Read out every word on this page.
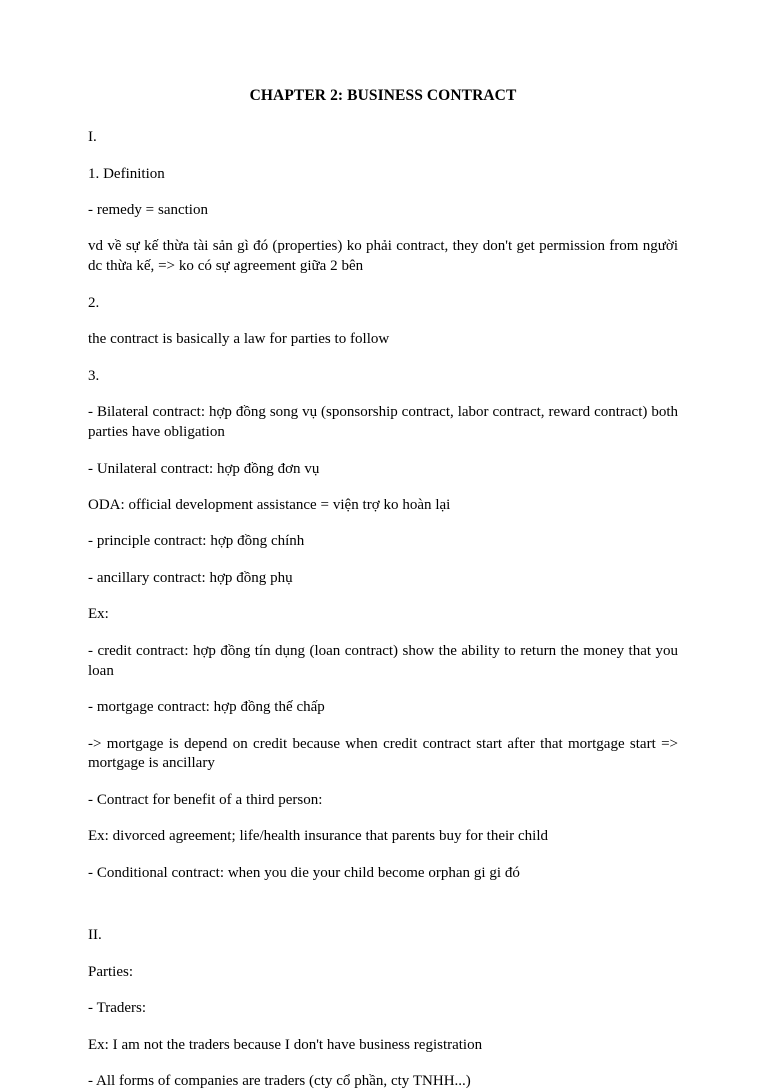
CHAPTER 2: BUSINESS CONTRACT

I.

1. Definition

- remedy = sanction

vd về sự kế thừa tài sản gì đó (properties) ko phải contract, they don't get permission from người dc thừa kế, => ko có sự agreement giữa 2 bên

2.

the contract is basically a law for parties to follow

3.

- Bilateral contract: hợp đồng song vụ (sponsorship contract, labor contract, reward contract) both parties have obligation

- Unilateral contract: hợp đồng đơn vụ

ODA: official development assistance = viện trợ ko hoàn lại

- principle contract: hợp đồng chính

- ancillary contract: hợp đồng phụ

Ex:

- credit contract: hợp đồng tín dụng (loan contract) show the ability to return the money that you loan

- mortgage contract: hợp đồng thế chấp

-> mortgage is depend on credit because when credit contract start after that mortgage start => mortgage is ancillary

- Contract for benefit of a third person:

Ex: divorced agreement; life/health insurance that parents buy for their child

- Conditional contract: when you die your child become orphan gi gi đó

II.

Parties:

- Traders:

Ex: I am not the traders because I don't have business registration

- All forms of companies are traders (cty cổ phần, cty TNHH...)
